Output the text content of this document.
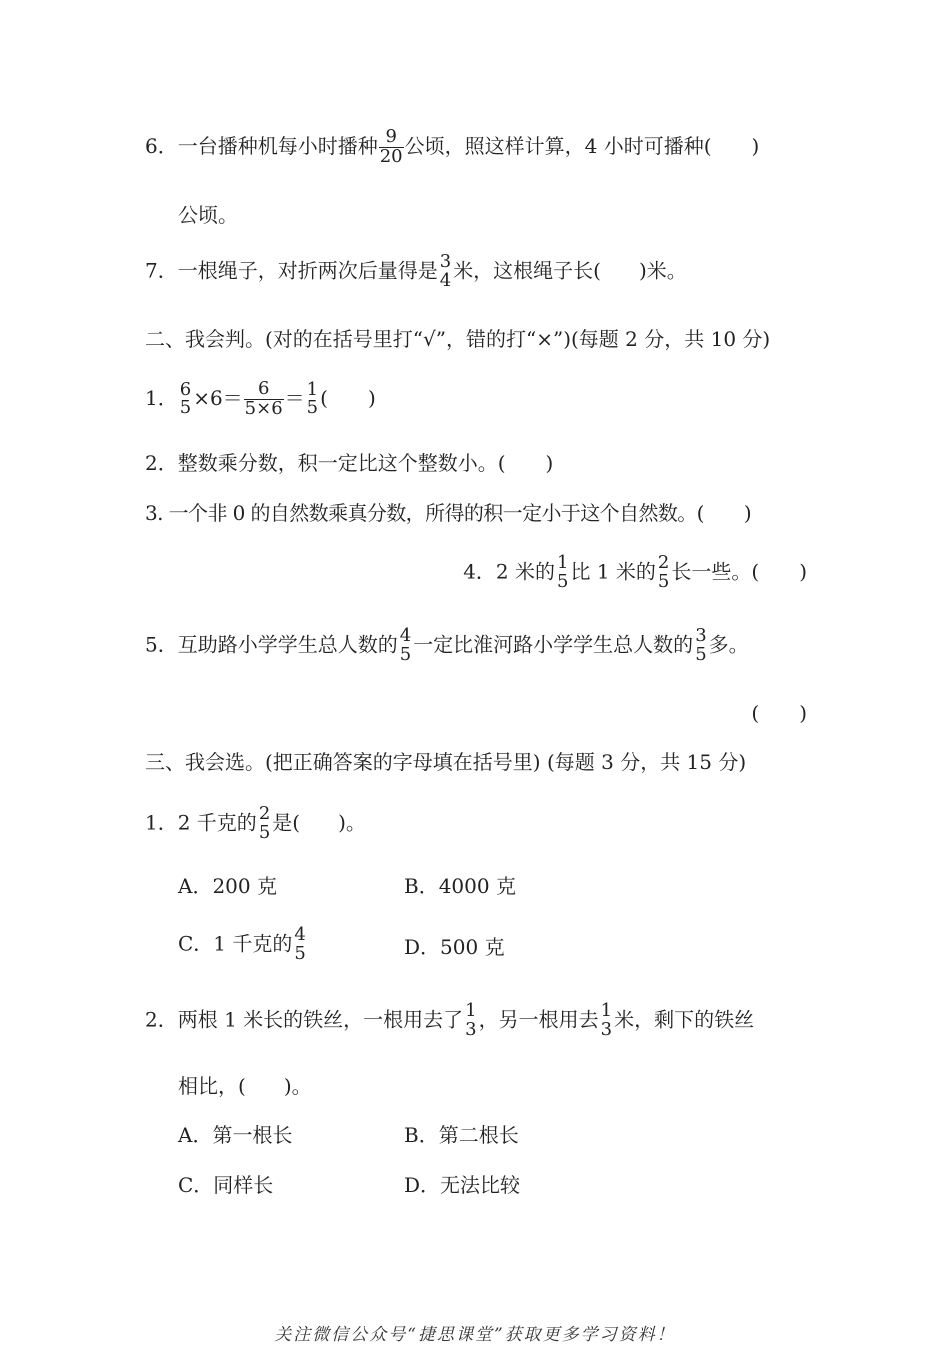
6．一台播种机每小时播种 $\frac{9}{20}$ 公顷，照这样计算，4 小时可播种( )
公顷。
7．一根绳子，对折两次后量得是 3
4 米，这根绳子长( )米。
二、我会判。(对的在括号里打“√”，错的打“×”)(每题 2 分，共 10 分)
1． 6
$5 \times 6= \frac{6}{5\times 6} = 1$
5 ( )
2．整数乘分数，积一定比这个整数小。( )
3. 一个非 0 的自然数乘真分数，所得的积一定小于这个自然数。( )
4．2 米的 1
5 比 1 米的 2
5 长一些。( )
5．互助路小学学生总人数的 4
5 一定比淮河路小学学生总人数的 3
5 多。
( )
三、我会选。(把正确答案的字母填在括号里) (每题 3 分，共 15 分)
1．2 千克的 2
5 是( )。
A．200 克	B．4000 克
C．1 千克的 4
5	D．500 克
2．两根 1 米长的铁丝，一根用去了 1
3 ，另一根用去 1
3 米，剩下的铁丝
相比，( )。
A．第一根长	B．第二根长
C．同样长	D．无法比较
关注微信公众号“捷思课堂”获取更多学习资料！
